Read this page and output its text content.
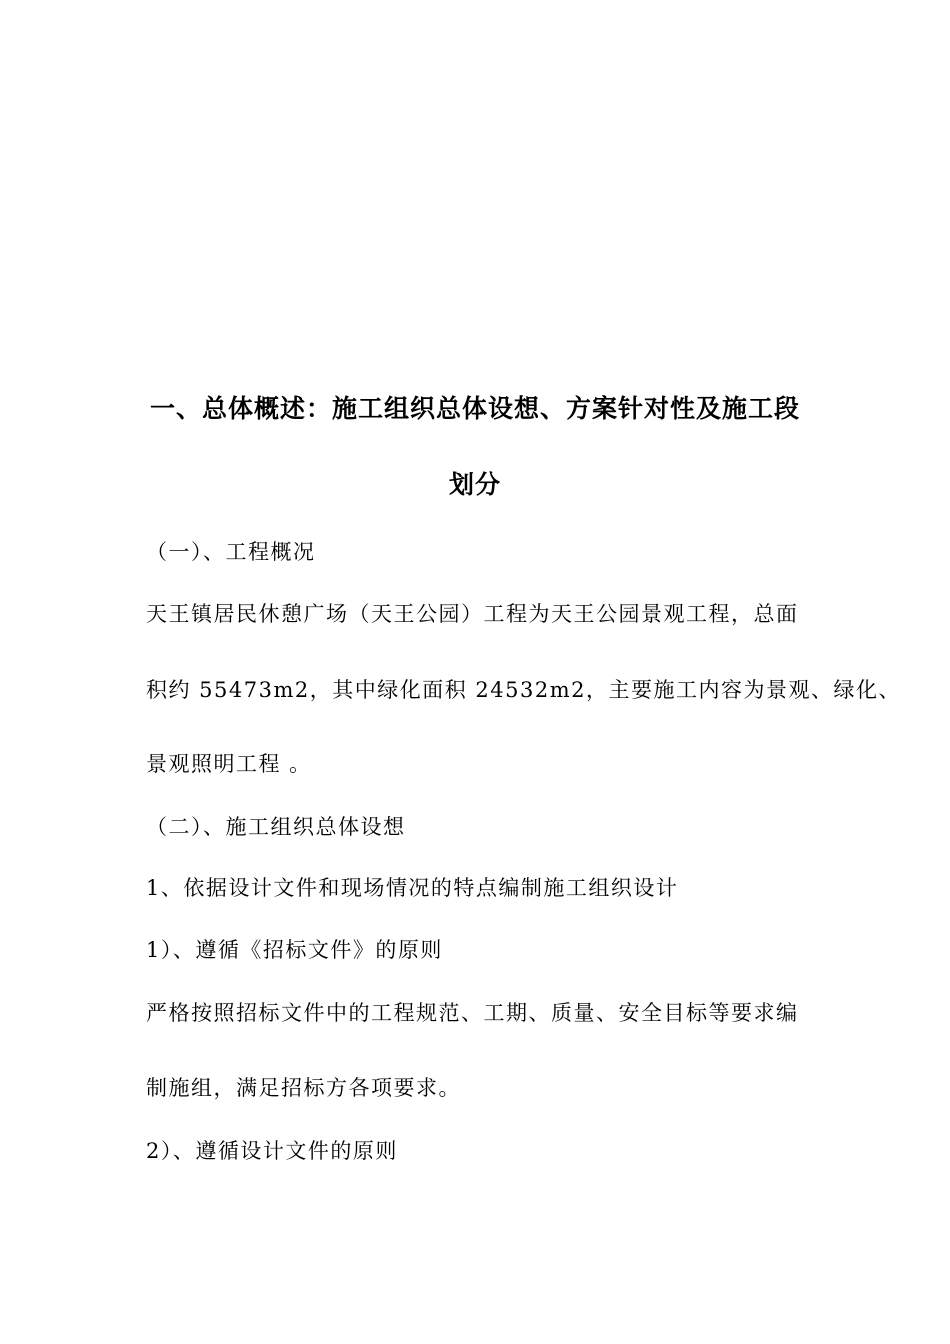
一、总体概述：施工组织总体设想、方案针对性及施工段
划分
（一）、工程概况
天王镇居民休憩广场（天王公园）工程为天王公园景观工程，总面
积约 55473m2，其中绿化面积 24532m2，主要施工内容为景观、绿化、
景观照明工程 。
（二）、施工组织总体设想
1、依据设计文件和现场情况的特点编制施工组织设计
1）、遵循《招标文件》的原则
严格按照招标文件中的工程规范、工期、质量、安全目标等要求编
制施组，满足招标方各项要求。
2）、遵循设计文件的原则
